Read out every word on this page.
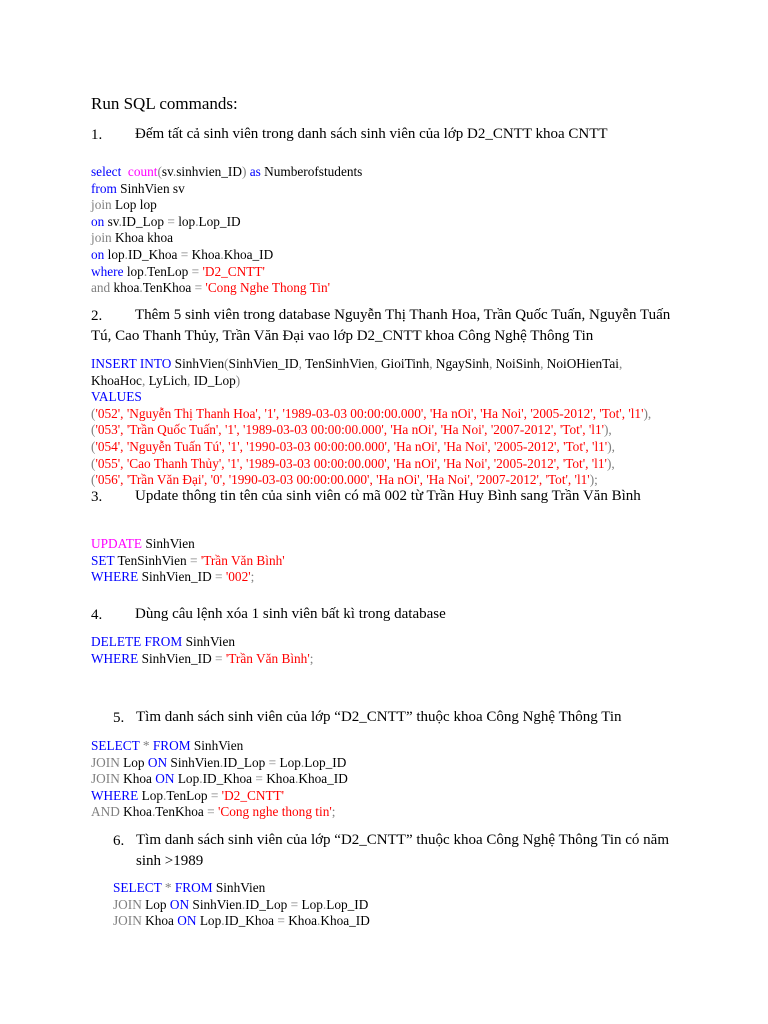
Run SQL commands:
1. Đếm tất cả sinh viên trong danh sách sinh viên của lớp D2_CNTT khoa CNTT
select  count(sv.sinhvien_ID) as Numberofstudents
from SinhVien sv
join Lop lop
on sv.ID_Lop = lop.Lop_ID
join Khoa khoa
on lop.ID_Khoa = Khoa.Khoa_ID
where lop.TenLop = 'D2_CNTT'
and khoa.TenKhoa = 'Cong Nghe Thong Tin'
2.	Thêm 5 sinh viên trong database Nguyễn Thị Thanh Hoa, Trần Quốc Tuấn, Nguyễn Tuấn Tú, Cao Thanh Thủy, Trần Văn Đại vao lớp D2_CNTT khoa Công Nghệ Thông Tin
INSERT INTO SinhVien(SinhVien_ID, TenSinhVien, GioiTinh, NgaySinh, NoiSinh, NoiOHienTai,
KhoaHoc, LyLich, ID_Lop)
VALUES
('052', 'Nguyễn Thị Thanh Hoa', '1', '1989-03-03 00:00:00.000', 'Ha nOi', 'Ha Noi', '2005-2012', 'Tot', 'l1'),
('053', 'Trần Quốc Tuấn', '1', '1989-03-03 00:00:00.000', 'Ha nOi', 'Ha Noi', '2007-2012', 'Tot', 'l1'),
('054', 'Nguyễn Tuấn Tú', '1', '1990-03-03 00:00:00.000', 'Ha nOi', 'Ha Noi', '2005-2012', 'Tot', 'l1'),
('055', 'Cao Thanh Thủy', '1', '1989-03-03 00:00:00.000', 'Ha nOi', 'Ha Noi', '2005-2012', 'Tot', 'l1'),
('056', 'Trần Văn Đại', '0', '1990-03-03 00:00:00.000', 'Ha nOi', 'Ha Noi', '2007-2012', 'Tot', 'l1');
3. Update thông tin tên của sinh viên có mã 002 từ Trần Huy Bình sang Trần Văn Bình
UPDATE SinhVien
SET TenSinhVien = 'Trần Văn Bình'
WHERE SinhVien_ID = '002';
4. Dùng câu lệnh xóa 1 sinh viên bất kì trong database
DELETE FROM SinhVien
WHERE SinhVien_ID = 'Trần Văn Bình';
5. Tìm danh sách sinh viên của lớp “D2_CNTT” thuộc khoa Công Nghệ Thông Tin
SELECT * FROM SinhVien
JOIN Lop ON SinhVien.ID_Lop = Lop.Lop_ID
JOIN Khoa ON Lop.ID_Khoa = Khoa.Khoa_ID
WHERE Lop.TenLop = 'D2_CNTT'
AND Khoa.TenKhoa = 'Cong nghe thong tin';
6. Tìm danh sách sinh viên của lớp “D2_CNTT” thuộc khoa Công Nghệ Thông Tin có năm sinh >1989
SELECT * FROM SinhVien
JOIN Lop ON SinhVien.ID_Lop = Lop.Lop_ID
JOIN Khoa ON Lop.ID_Khoa = Khoa.Khoa_ID
